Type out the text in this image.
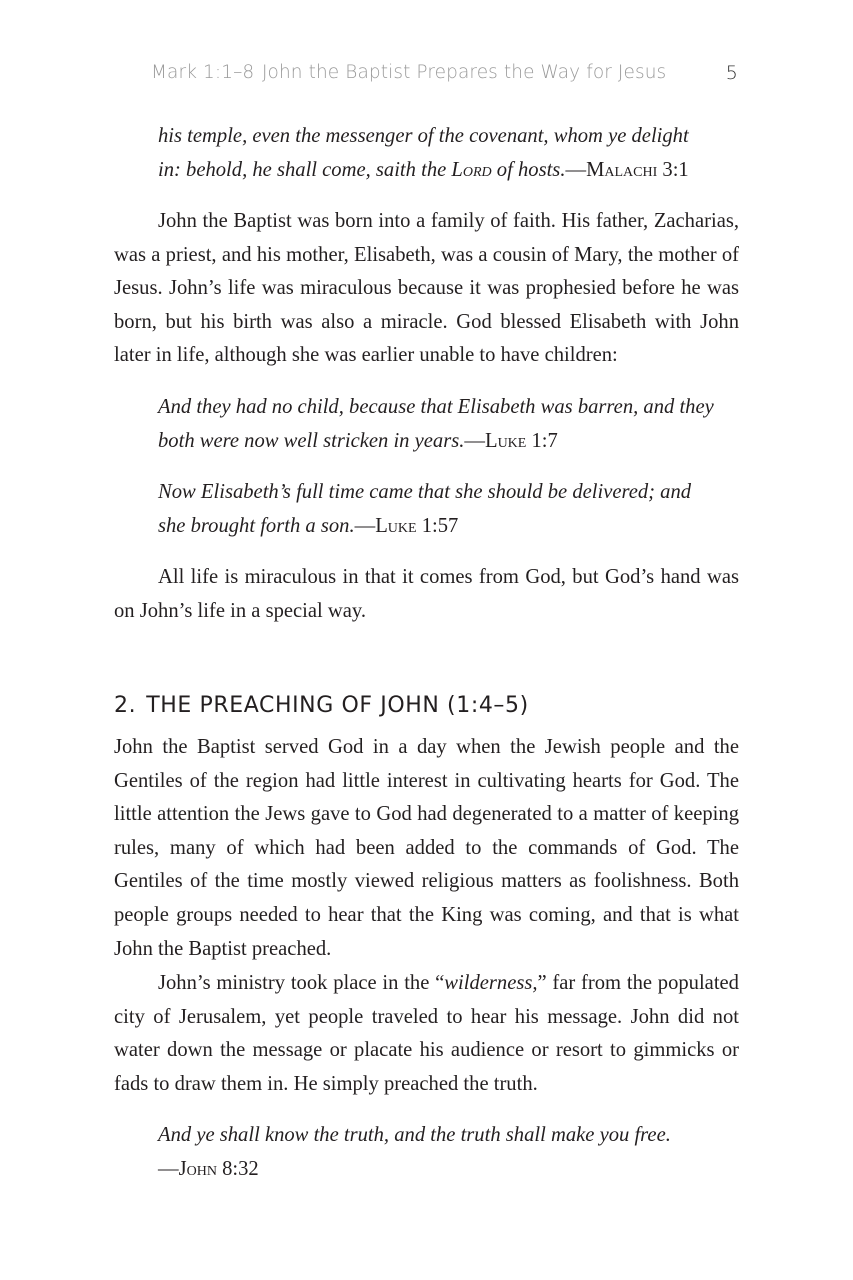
Mark 1:1–8 John the Baptist Prepares the Way for Jesus	5

his temple, even the messenger of the covenant, whom ye delight
in: behold, he shall come, saith the Lord of hosts.—Malachi 3:1

John the Baptist was born into a family of faith. His father, Zacharias, was a priest, and his mother, Elisabeth, was a cousin of Mary, the mother of Jesus. John’s life was miraculous because it was prophesied before he was born, but his birth was also a miracle. God blessed Elisabeth with John later in life, although she was earlier unable to have children:

And they had no child, because that Elisabeth was barren, and they both were now well stricken in years.—Luke 1:7

Now Elisabeth’s full time came that she should be delivered; and she brought forth a son.—Luke 1:57

All life is miraculous in that it comes from God, but God’s hand was on John’s life in a special way.

2. THE PREACHING OF JOHN (1:4–5)

John the Baptist served God in a day when the Jewish people and the Gentiles of the region had little interest in cultivating hearts for God. The little attention the Jews gave to God had degenerated to a matter of keeping rules, many of which had been added to the commands of God. The Gentiles of the time mostly viewed religious matters as foolishness. Both people groups needed to hear that the King was coming, and that is what John the Baptist preached.

John’s ministry took place in the “wilderness,” far from the populated city of Jerusalem, yet people traveled to hear his message. John did not water down the message or placate his audience or resort to gimmicks or fads to draw them in. He simply preached the truth.

And ye shall know the truth, and the truth shall make you free.
—John 8:32
